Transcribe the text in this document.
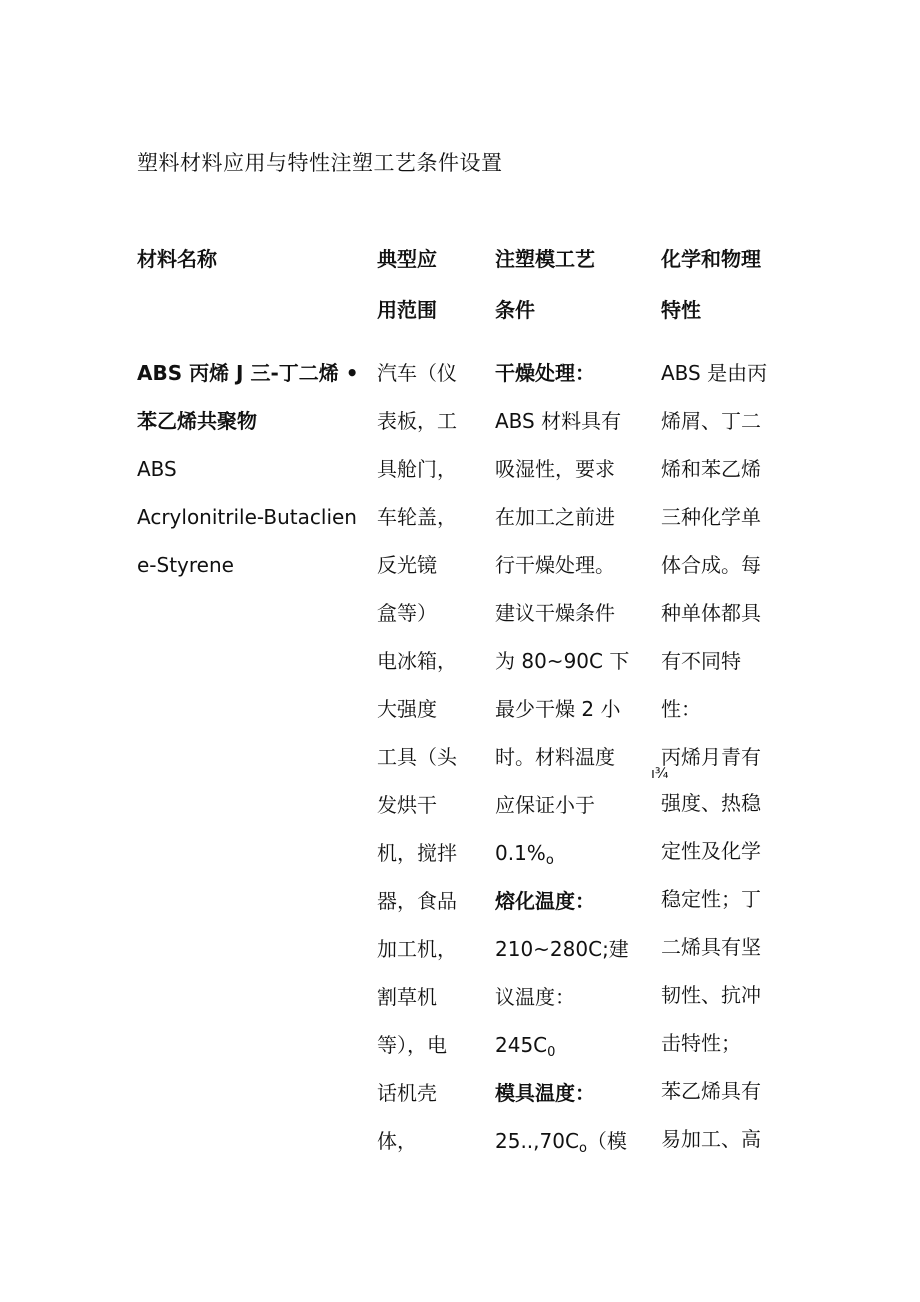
塑料材料应用与特性注塑工艺条件设置
材料名称	典型应
用范围
注塑模工艺
条件
化学和物理
特性
ABS 丙烯 J 三-丁二烯 •
苯乙烯共聚物
ABS
Acrylonitrile-Butaclien
e-Styrene
汽车（仪
表板，工
具舱门，
车轮盖，
反光镜
盒等）
电冰箱，
大强度
工具（头
发烘干
机，搅拌
器，食品
加工机，
割草机
等），电
话机壳
体，
干燥处理：
ABS 材料具有
吸湿性，要求
在加工之前进
行干燥处理。
建议干燥条件
为 80~90C 下
最少干燥 2 小
时。材料温度
应保证小于
$0.1\%_o$
熔化温度：
210~280C;建
议温度：
$245C_0$
模具温度：
$25..,70C_o$（模
ABS 是由丙
烯屑、丁二
烯和苯乙烯
三种化学单
体合成。每
种单体都具
有不同特
性：
丙烯月青有
ı¾
强度、热稳
定性及化学
稳定性；丁
二烯具有坚
韧性、抗冲
击特性；
苯乙烯具有
易加工、高
